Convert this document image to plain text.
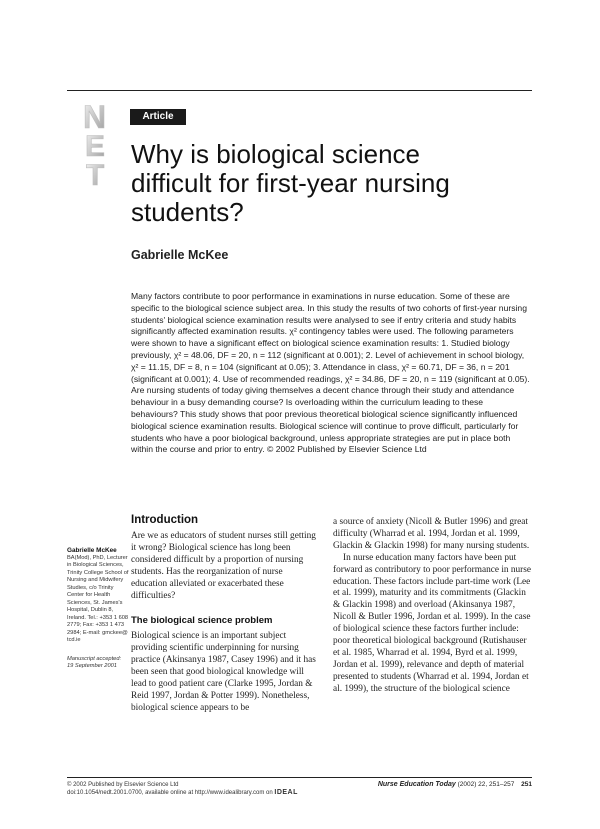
N
E
T
Article
Why is biological science difficult for first-year nursing students?
Gabrielle McKee
Many factors contribute to poor performance in examinations in nurse education. Some of these are specific to the biological science subject area. In this study the results of two cohorts of first-year nursing students' biological science examination results were analysed to see if entry criteria and study habits significantly affected examination results. χ² contingency tables were used. The following parameters were shown to have a significant effect on biological science examination results: 1. Studied biology previously, χ² = 48.06, DF = 20, n = 112 (significant at 0.001); 2. Level of achievement in school biology, χ² = 11.15, DF = 8, n = 104 (significant at 0.05); 3. Attendance in class, χ² = 60.71, DF = 36, n = 201 (significant at 0.001); 4. Use of recommended readings, χ² = 34.86, DF = 20, n = 119 (significant at 0.05). Are nursing students of today giving themselves a decent chance through their study and attendance behaviour in a busy demanding course? Is overloading within the curriculum leading to these behaviours? This study shows that poor previous theoretical biological science significantly influenced biological science examination results. Biological science will continue to prove difficult, particularly for students who have a poor biological background, unless appropriate strategies are put in place both within the course and prior to entry. © 2002 Published by Elsevier Science Ltd
Gabrielle McKee
BA(Mod), PhD, Lecturer in Biological Sciences, Trinity College School of Nursing and Midwifery Studies, c/o Trinity Center for Health Sciences, St. James's Hospital, Dublin 8, Ireland. Tel.: +353 1 608 2779; Fax: +353 1 473 2984; E-mail: gmckee@ tcd.ie
Manuscript accepted:
19 September 2001
Introduction
Are we as educators of student nurses still getting it wrong? Biological science has long been considered difficult by a proportion of nursing students. Has the reorganization of nurse education alleviated or exacerbated these difficulties?
The biological science problem
Biological science is an important subject providing scientific underpinning for nursing practice (Akinsanya 1987, Casey 1996) and it has been seen that good biological knowledge will lead to good patient care (Clarke 1995, Jordan & Reid 1997, Jordan & Potter 1999). Nonetheless, biological science appears to be
a source of anxiety (Nicoll & Butler 1996) and great difficulty (Wharrad et al. 1994, Jordan et al. 1999, Glackin & Glackin 1998) for many nursing students.
In nurse education many factors have been put forward as contributory to poor performance in nurse education. These factors include part-time work (Lee et al. 1999), maturity and its commitments (Glackin & Glackin 1998) and overload (Akinsanya 1987, Nicoll & Butler 1996, Jordan et al. 1999). In the case of biological science these factors further include: poor theoretical biological background (Rutishauser et al. 1985, Wharrad et al. 1994, Byrd et al. 1999, Jordan et al. 1999), relevance and depth of material presented to students (Wharrad et al. 1994, Jordan et al. 1999), the structure of the biological science
© 2002 Published by Elsevier Science Ltd
doi:10.1054/nedt.2001.0700, available online at http://www.idealibrary.com on IDEAL
Nurse Education Today (2002) 22, 251–257 251
